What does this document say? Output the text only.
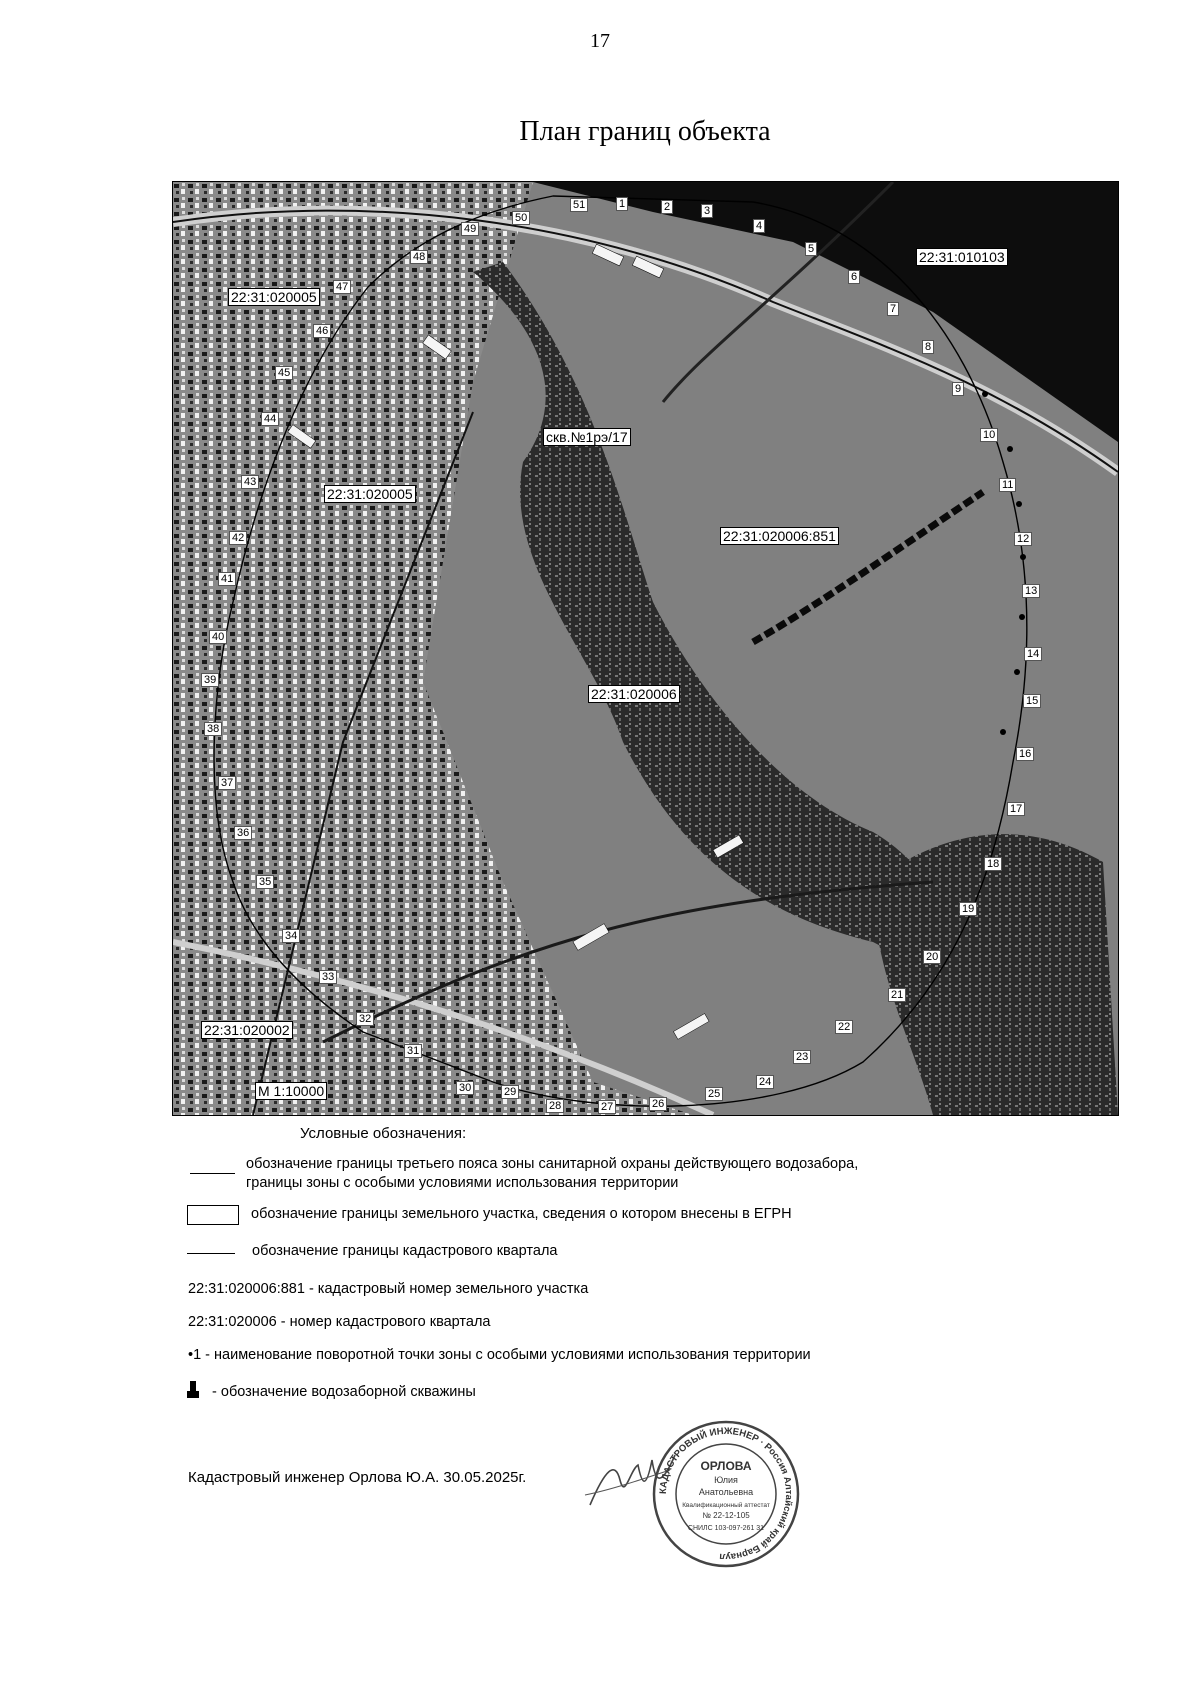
17
План границ объекта
22:31:010103
22:31:020005
22:31:020005
скв.№1рэ/17
22:31:020006:851
22:31:020006
22:31:020002
М 1:10000
51	1	2	3
4
5
6
7
8
9
10
11
12
13
14
15
16
17
18
19
20
21
22
23
24
25
26
27
28
29
30
31
32
33
34
35
36
37
38
39
40
41
42
43
44
45
46
47
48
49
50
Условные обозначения:
обозначение границы третьего пояса зоны санитарной охраны действующего водозабора,
границы зоны с особыми условиями использования территории
обозначение границы земельного участка, сведения о котором внесены в ЕГРН
обозначение границы кадастрового квартала
22:31:020006:881 - кадастровый номер земельного участка
22:31:020006 - номер кадастрового квартала
•1 - наименование поворотной точки зоны с особыми условиями использования территории
- обозначение водозаборной скважины
Кадастровый инженер Орлова Ю.А. 30.05.2025г.
КАДАСТРОВЫЙ ИНЖЕНЕР · Россия Алтайский край Барнаул
ОРЛОВА
Юлия
Анатольевна
Квалификационный аттестат
№ 22-12-105
СНИЛС 103-097-261 31
